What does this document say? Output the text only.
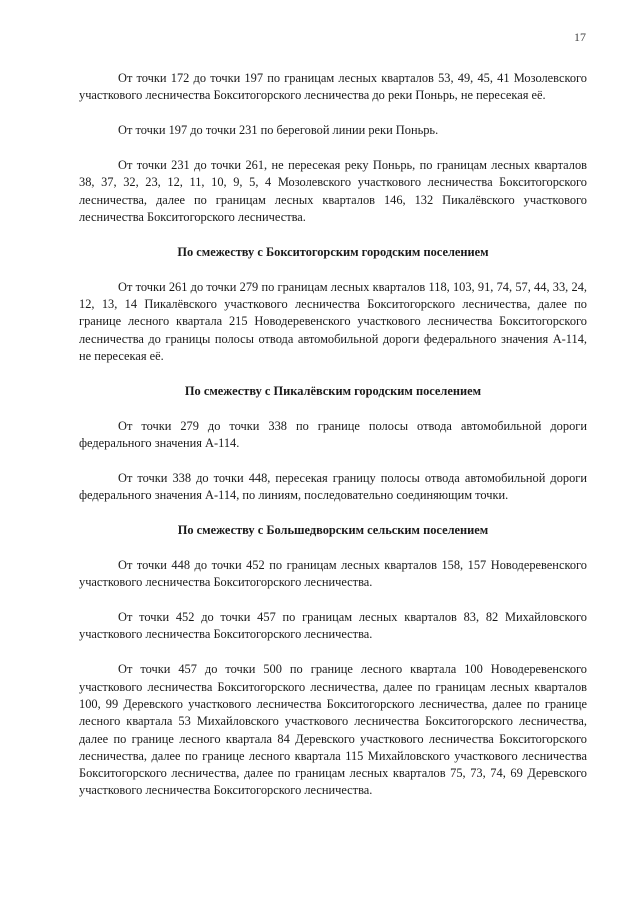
17

От точки 172 до точки 197 по границам лесных кварталов 53, 49, 45, 41 Мозолевского участкового лесничества Бокситогорского лесничества до реки Поньрь, не пересекая её.

От точки 197 до точки 231 по береговой линии реки Поньрь.

От точки 231 до точки 261, не пересекая реку Поньрь, по границам лесных кварталов 38, 37, 32, 23, 12, 11, 10, 9, 5, 4 Мозолевского участкового лесничества Бокситогорского лесничества, далее по границам лесных кварталов 146, 132 Пикалёвского участкового лесничества Бокситогорского лесничества.

По смежеству с Бокситогорским городским поселением

От точки 261 до точки 279 по границам лесных кварталов 118, 103, 91, 74, 57, 44, 33, 24, 12, 13, 14 Пикалёвского участкового лесничества Бокситогорского лесничества, далее по границе лесного квартала 215 Новодеревенского участкового лесничества Бокситогорского лесничества до границы полосы отвода автомобильной дороги федерального значения А-114, не пересекая её.

По смежеству с Пикалёвским городским поселением

От точки 279 до точки 338 по границе полосы отвода автомобильной дороги федерального значения А-114.

От точки 338 до точки 448, пересекая границу полосы отвода автомобильной дороги федерального значения А-114, по линиям, последовательно соединяющим точки.

По смежеству с Большедворским сельским поселением

От точки 448 до точки 452 по границам лесных кварталов 158, 157 Новодеревенского участкового лесничества Бокситогорского лесничества.

От точки 452 до точки 457 по границам лесных кварталов 83, 82 Михайловского участкового лесничества Бокситогорского лесничества.

От точки 457 до точки 500 по границе лесного квартала 100 Новодеревенского участкового лесничества Бокситогорского лесничества, далее по границам лесных кварталов 100, 99 Деревского участкового лесничества Бокситогорского лесничества, далее по границе лесного квартала 53 Михайловского участкового лесничества Бокситогорского лесничества, далее по границе лесного квартала 84 Деревского участкового лесничества Бокситогорского лесничества, далее по границе лесного квартала 115 Михайловского участкового лесничества Бокситогорского лесничества, далее по границам лесных кварталов 75, 73, 74, 69 Деревского участкового лесничества Бокситогорского лесничества.
